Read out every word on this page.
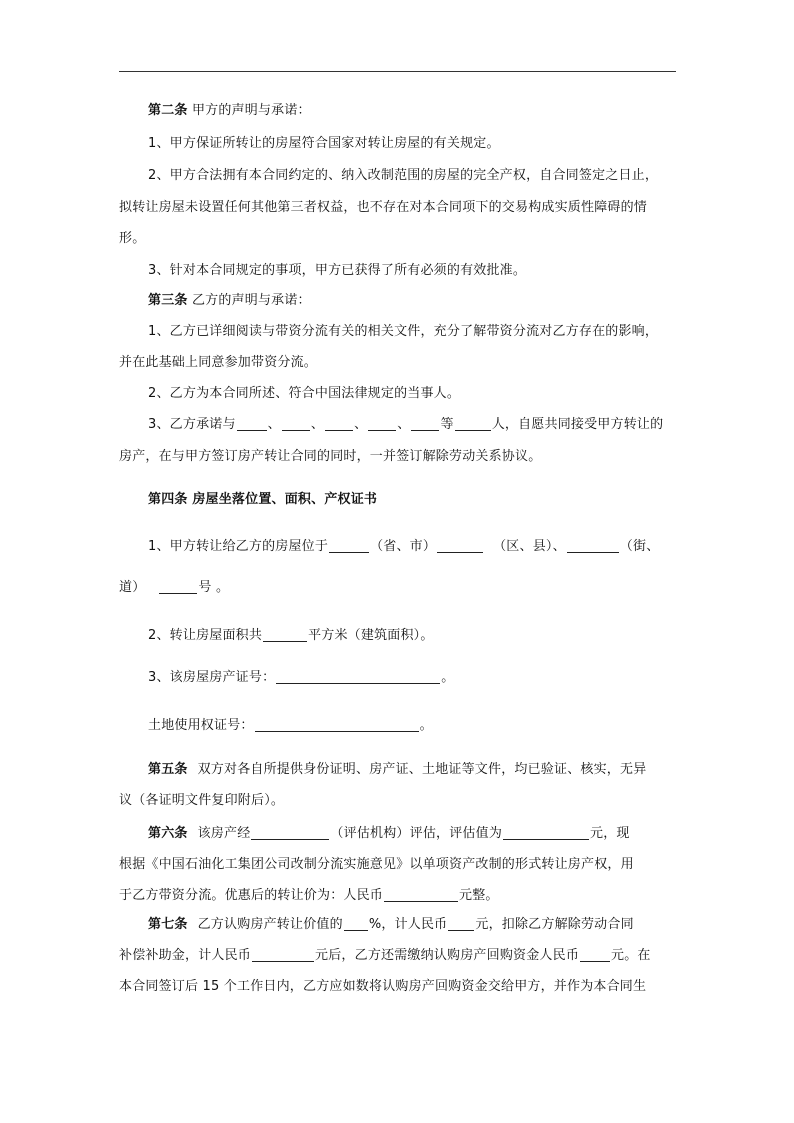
第二条 甲方的声明与承诺：
1、甲方保证所转让的房屋符合国家对转让房屋的有关规定。
2、甲方合法拥有本合同约定的、纳入改制范围的房屋的完全产权，自合同签定之日止，
拟转让房屋未设置任何其他第三者权益，也不存在对本合同项下的交易构成实质性障碍的情
形。
3、针对本合同规定的事项，甲方已获得了所有必须的有效批准。
第三条 乙方的声明与承诺：
1、乙方已详细阅读与带资分流有关的相关文件，充分了解带资分流对乙方存在的影响，
并在此基础上同意参加带资分流。
2、乙方为本合同所述、符合中国法律规定的当事人。
3、乙方承诺与 、 、 、 、 等	人，自愿共同接受甲方转让的
房产，在与甲方签订房产转让合同的同时，一并签订解除劳动关系协议。
第四条 房屋坐落位置、面积、产权证书
1、甲方转让给乙方的房屋位于	（省、市）	（区、县）、	（街、
道）	号 。
2、转让房屋面积共	平方米（建筑面积）。
3、该房屋房产证号：	。
土地使用权证号：	。
第五条 双方对各自所提供身份证明、房产证、土地证等文件，均已验证、核实，无异
议（各证明文件复印附后）。
第六条 该房产经	（评估机构）评估，评估值为	元，现
根据《中国石油化工集团公司改制分流实施意见》以单项资产改制的形式转让房产权，用
于乙方带资分流。优惠后的转让价为：人民币	元整。
第七条 乙方认购房产转让价值的 %，计人民币 元，扣除乙方解除劳动合同
补偿补助金，计人民币	元后，乙方还需缴纳认购房产回购资金人民币 元。在
本合同签订后 15 个工作日内，乙方应如数将认购房产回购资金交给甲方，并作为本合同生
